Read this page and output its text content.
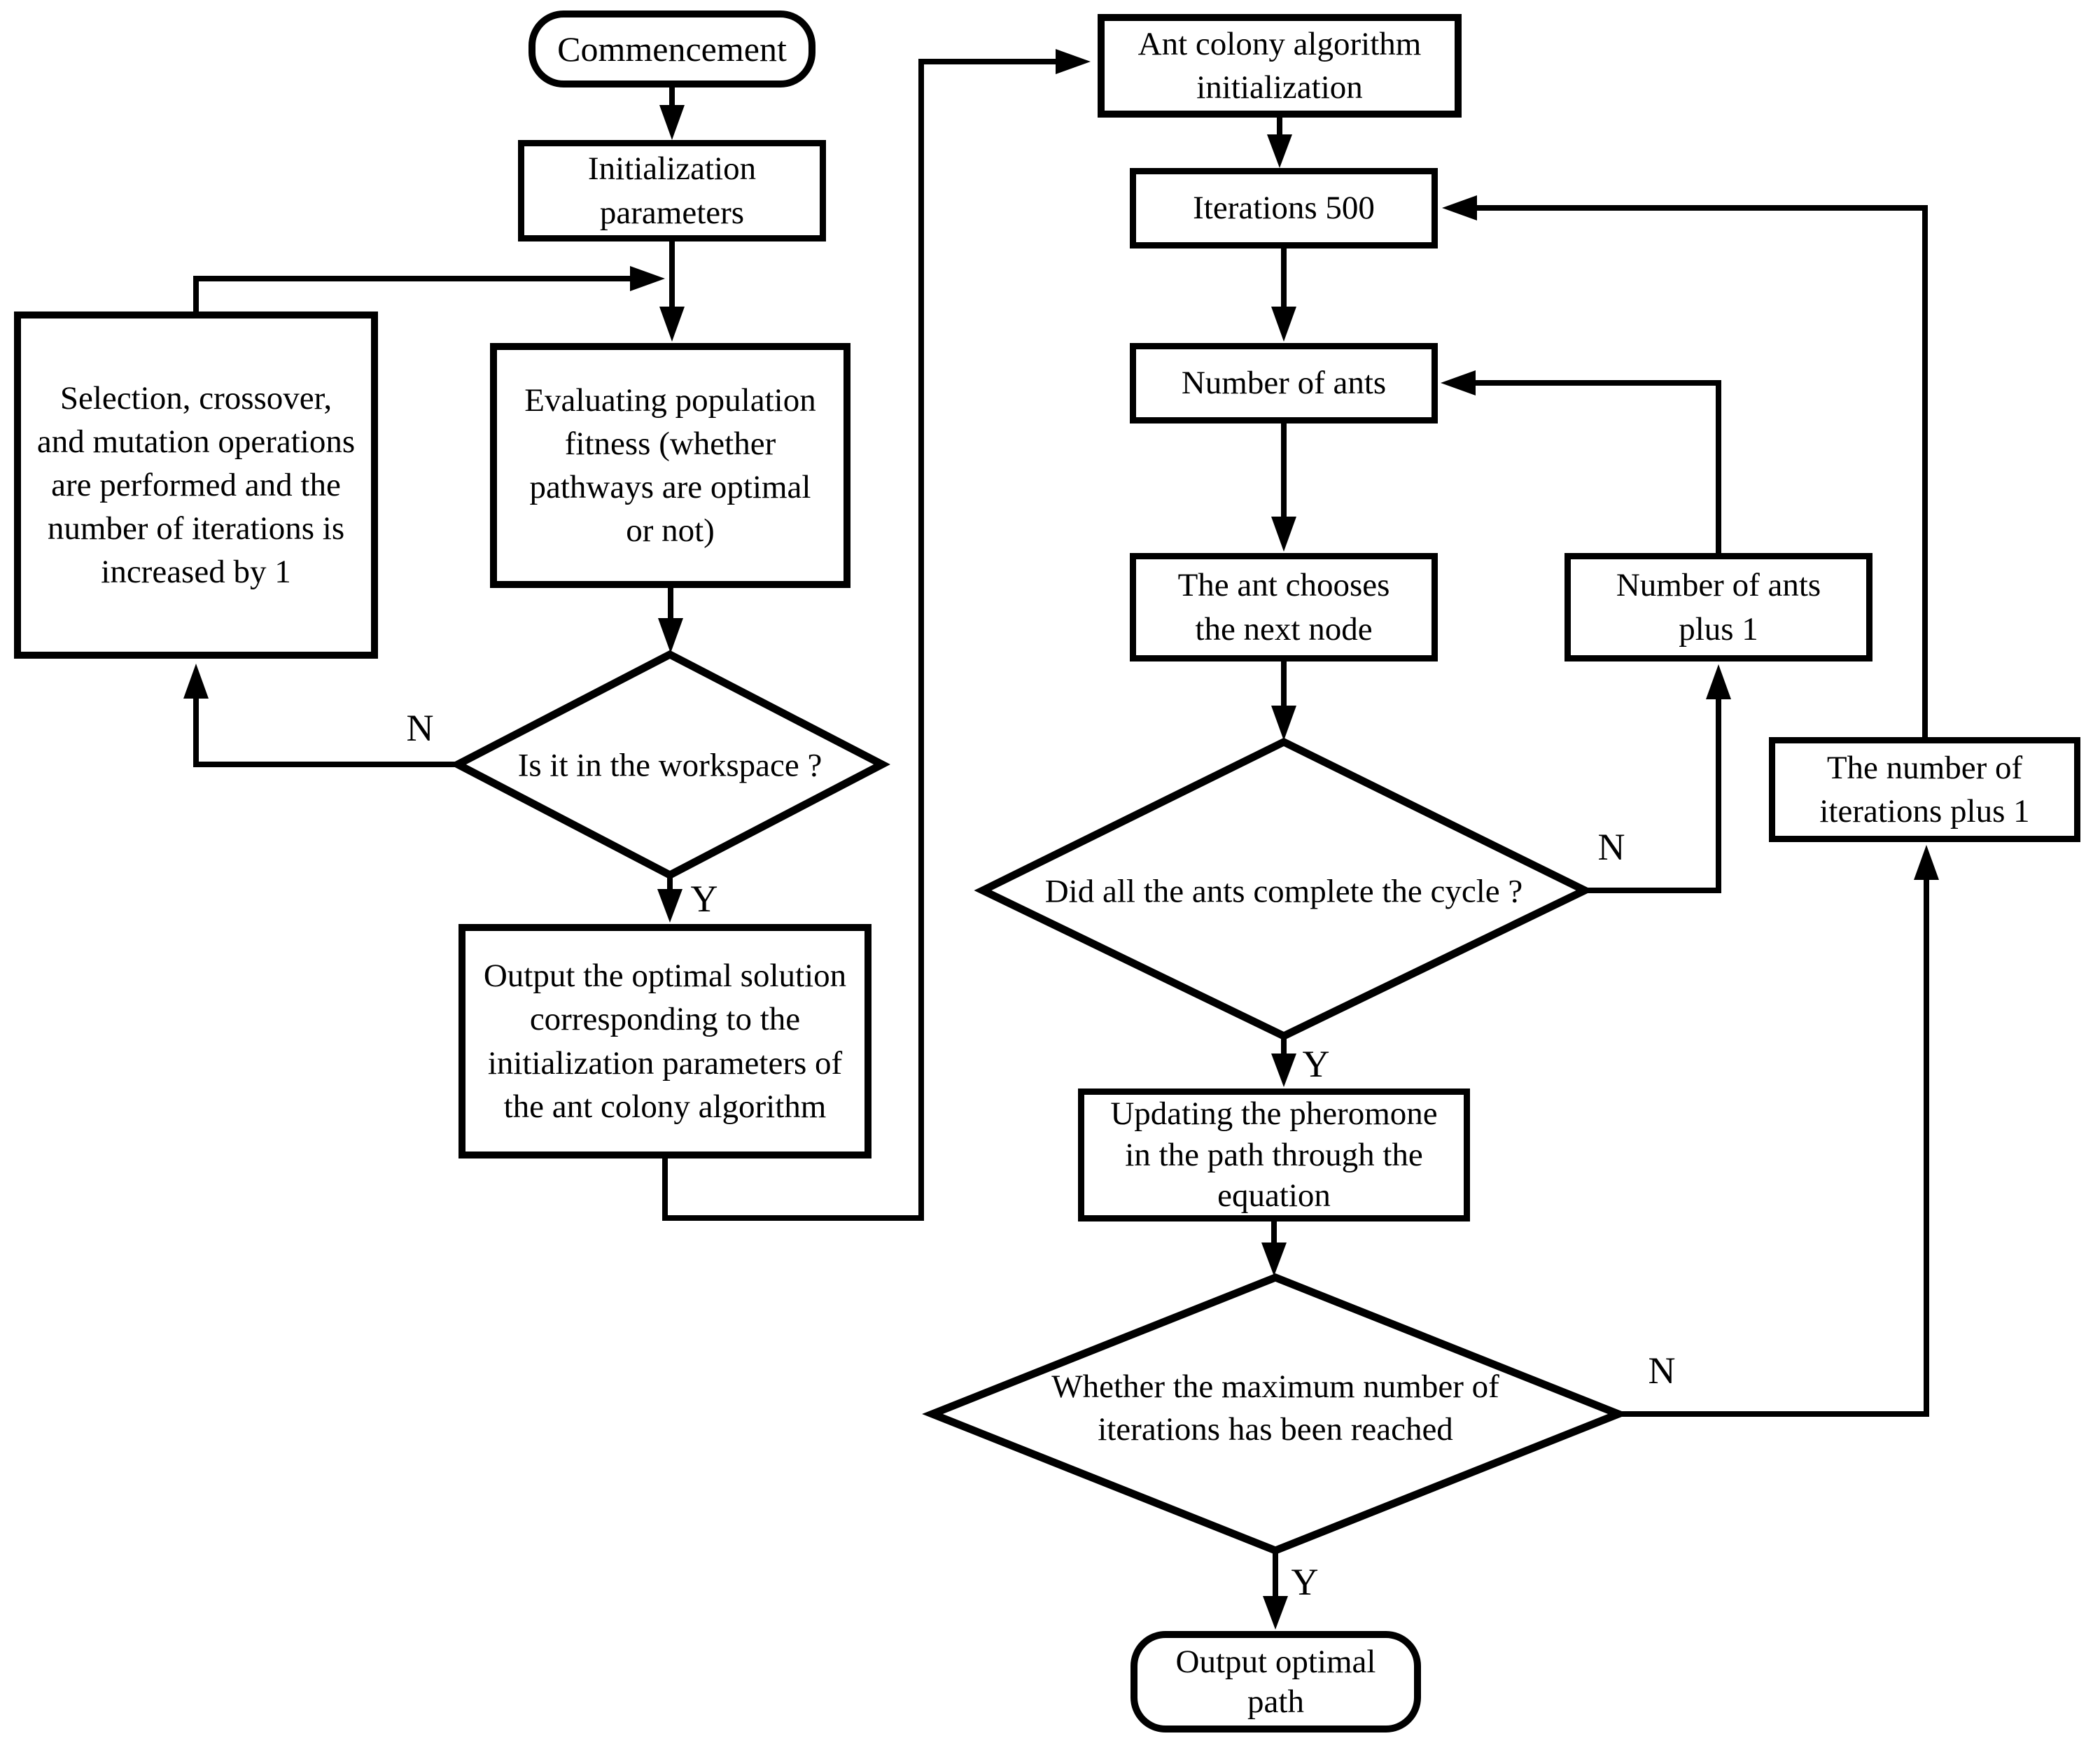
Commencement
Initialization parameters
Selection, crossover, and mutation operations are performed and the number of iterations is increased by 1
Evaluating population fitness (whether pathways are optimal or not)
Is it in the workspace ?
Output the optimal solution corresponding to the initialization parameters of the ant colony algorithm
Ant colony algorithm initialization
Iterations 500
Number of ants
The ant chooses the next node
Number of ants plus 1
Did all the ants complete the cycle ?
Updating the pheromone in the path through the equation
Whether the maximum number of iterations has been reached
The number of iterations plus 1
Output optimal path
N
Y
N
Y
N
Y
